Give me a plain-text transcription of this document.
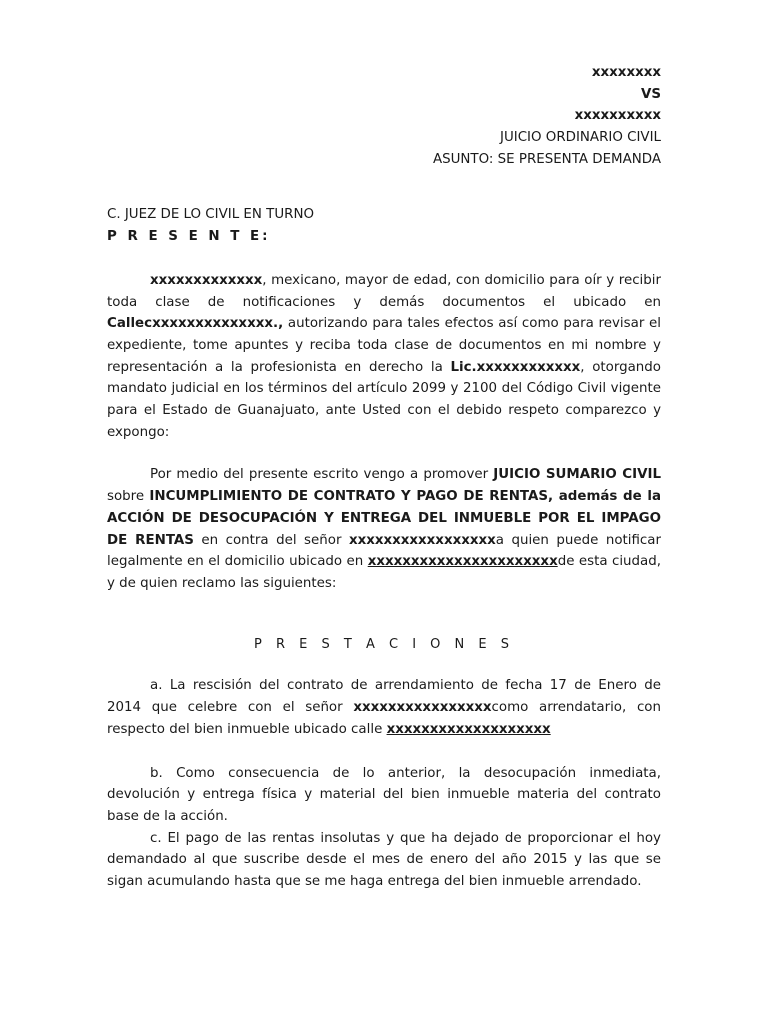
xxxxxxxx
VS
xxxxxxxxxx
JUICIO ORDINARIO CIVIL
ASUNTO: SE PRESENTA DEMANDA
C. JUEZ DE LO CIVIL EN TURNO
P R E S E N T E:

xxxxxxxxxxxxx, mexicano, mayor de edad, con domicilio para oír y recibir toda clase de notificaciones y demás documentos el ubicado en Callecxxxxxxxxxxxxxx., autorizando para tales efectos así como para revisar el expediente, tome apuntes y reciba toda clase de documentos en mi nombre y representación a la profesionista en derecho la Lic.xxxxxxxxxxxx, otorgando mandato judicial en los términos del artículo 2099 y 2100 del Código Civil vigente para el Estado de Guanajuato, ante Usted con el debido respeto comparezco y expongo:

Por medio del presente escrito vengo a promover JUICIO SUMARIO CIVIL sobre INCUMPLIMIENTO DE CONTRATO Y PAGO DE RENTAS, además de la ACCIÓN DE DESOCUPACIÓN Y ENTREGA DEL INMUEBLE POR EL IMPAGO DE RENTAS en contra del señor xxxxxxxxxxxxxxxxxa quien puede notificar legalmente en el domicilio ubicado en xxxxxxxxxxxxxxxxxxxxxxde esta ciudad, y de quien reclamo las siguientes:

P R E S T A C I O N E S

a. La rescisión del contrato de arrendamiento de fecha 17 de Enero de 2014 que celebre con el señor xxxxxxxxxxxxxxxxcomo arrendatario, con respecto del bien inmueble ubicado calle xxxxxxxxxxxxxxxxxxx

b. Como consecuencia de lo anterior, la desocupación inmediata, devolución y entrega física y material del bien inmueble materia del contrato base de la acción.

c. El pago de las rentas insolutas y que ha dejado de proporcionar el hoy demandado al que suscribe desde el mes de enero del año 2015 y las que se sigan acumulando hasta que se me haga entrega del bien inmueble arrendado.
